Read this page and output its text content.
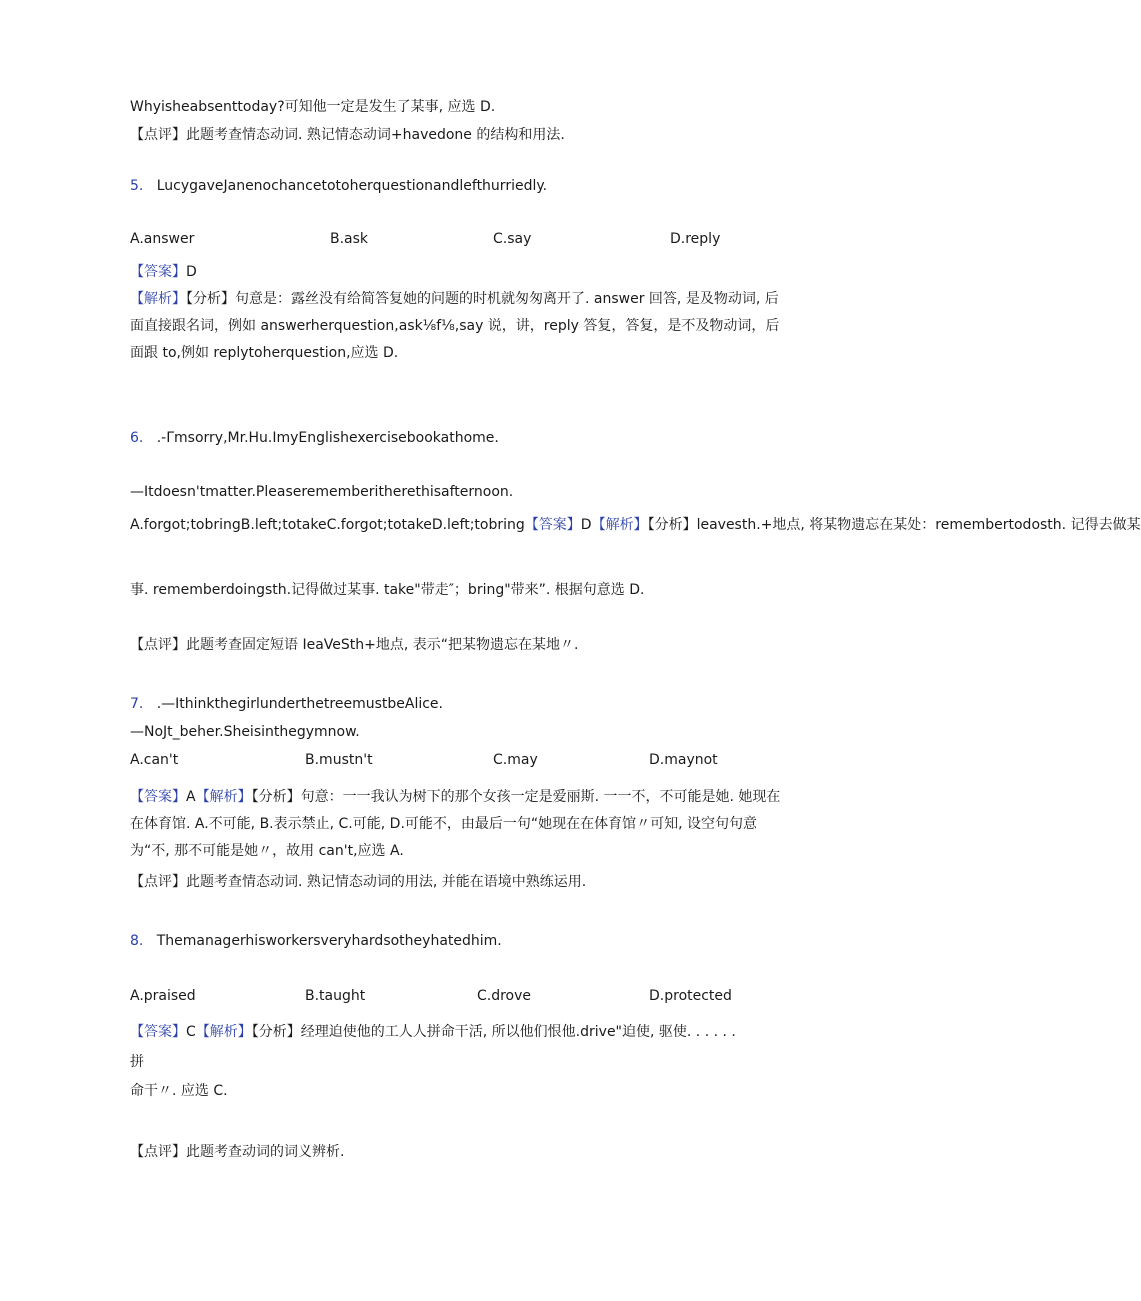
Whyisheabsenttoday?可知他一定是发生了某事, 应选 D.
【点评】此题考查情态动词. 熟记情态动词+havedone 的结构和用法.
5. LucygaveJanenochancetotoherquestionandlefthurriedly.
A.answer	B.ask	C.say	D.reply
【答案】D
【解析】【分析】句意是：露丝没有给简答复她的问题的时机就匆匆离开了. answer 回答, 是及物动词, 后面直接跟名词，例如 answerherquestion,ask⅛f⅛,say 说，讲，reply 答复，答复，是不及物动词，后面跟 to,例如 replytoherquestion,应选 D.
6. .-Γmsorry,Mr.Hu.ImyEnglishexercisebookathome.
—Itdoesn'tmatter.Pleaseremember​itherethisafternoon.
A.forgot;tobringB.left;totakeC.forgot;totakeD.left;tobring【答案】D【解析】【分析】leavesth.+地点, 将某物遗忘在某处：remembertodosth. 记得去做某
事. rememberdoingsth.记得做过某事. take"带走″；bring"带来”. 根据句意选 D.
【点评】此题考查固定短语 IeaVeSth+地点, 表示“把某物遗忘在某地〃.
7. .—IthinkthegirlunderthetreemustbeAlice.
—NoJt_beher.Sheisinthegymnow.
A.can't	B.mustn't	C.may	D.maynot
【答案】A【解析】【分析】句意：一一我认为树下的那个女孩一定是爱丽斯. 一一不，不可能是她. 她现在在体育馆. A.不可能, B.表示禁止, C.可能, D.可能不，由最后一句“她现在在体育馆〃可知, 设空句句意为“不, 那不可能是她〃，故用 can't,应选 A.
【点评】此题考查情态动词. 熟记情态动词的用法, 并能在语境中熟练运用.
8. Themanagerhisworkersveryhardsotheyhatedhim.
A.praised	B.taught	C.drove	D.protected
【答案】C【解析】【分析】经理迫使他的工人人拼命干活, 所以他们恨他.drive"迫使, 驱使. . . . . .
拼
命干〃. 应选 C.
【点评】此题考查动词的词义辨析.
